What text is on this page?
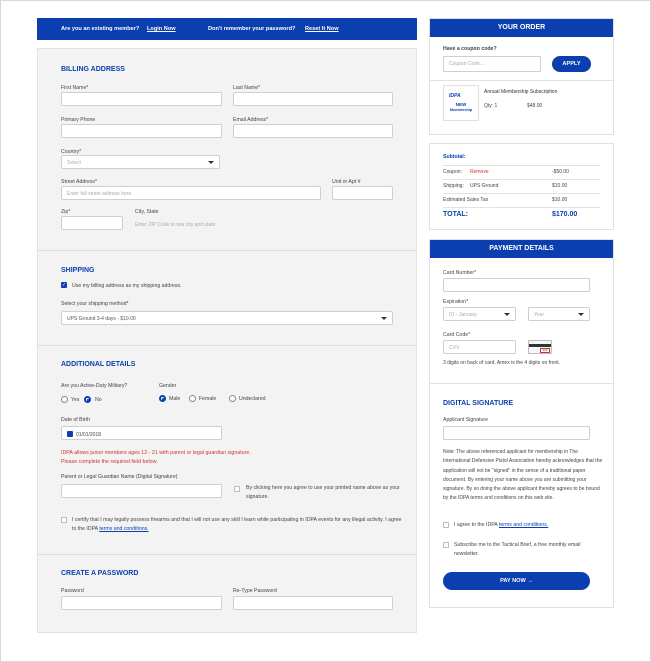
Are you an existing member? Login Now	Don't remember your password? Reset It Now
BILLING ADDRESS
First Name*	Last Name*
Primary Phone	Email Address*
Country*
Select
Street Address*
Enter full street address here
Unit or Apt #
Zip*	City, State
Enter ZIP Code to see city and state.
SHIPPING
✓ Use my billing address as my shipping address.
Select your shipping method*
UPS Ground 3-4 days - $10.00
ADDITIONAL DETAILS
Are you Active-Duty Military?
Yes	No
Gender
Male	Female	Undeclared
Date of Birth
01/01/2018
IDPA allows junior members ages 12 - 21 with parent or legal guardian signature. Please complete the required field below.
Parent or Legal Guardian Name (Digital Signature)
By clicking here you agree to use your printed name above as your signature.
I certify that I may legally possess firearms and that I will not use any skill I learn while participating in IDPA events for any illegal activity. I agree to the IDPA terms and conditions.
CREATE A PASSWORD
Password	Re-Type Password
YOUR ORDER
Have a coupon code?
Coupon Code...	APPLY
IDPA
NEW
Membership
Annual Membership Subscription
Qty: 1	$48.00
Subtotal:
Coupon: Remove	-$50.00
Shipping: UPS Ground	$10.00
Estimated Sales Tax	$10.00
TOTAL:	$170.00
PAYMENT DETAILS
Card Number*
Expiration*
01 - January	Year
Card Code*
CVV	123
3 digits on back of card. Amex is the 4 digits on front.
DIGITAL SIGNATURE
Applicant Signature
Note: The above referenced applicant for membership in The International Defensive Pistol Association hereby acknowledges that the application will not be "signed" in the sense of a traditional paper document. By entering your name above you are submitting your signature. By so doing the above applicant thereby agrees to be bound by the IDPA terms and conditions on this web site.
I agree to the IDPA terms and conditions.
Subscribe me to the Tactical Brief, a free monthly email newsletter.
PAY NOW →
